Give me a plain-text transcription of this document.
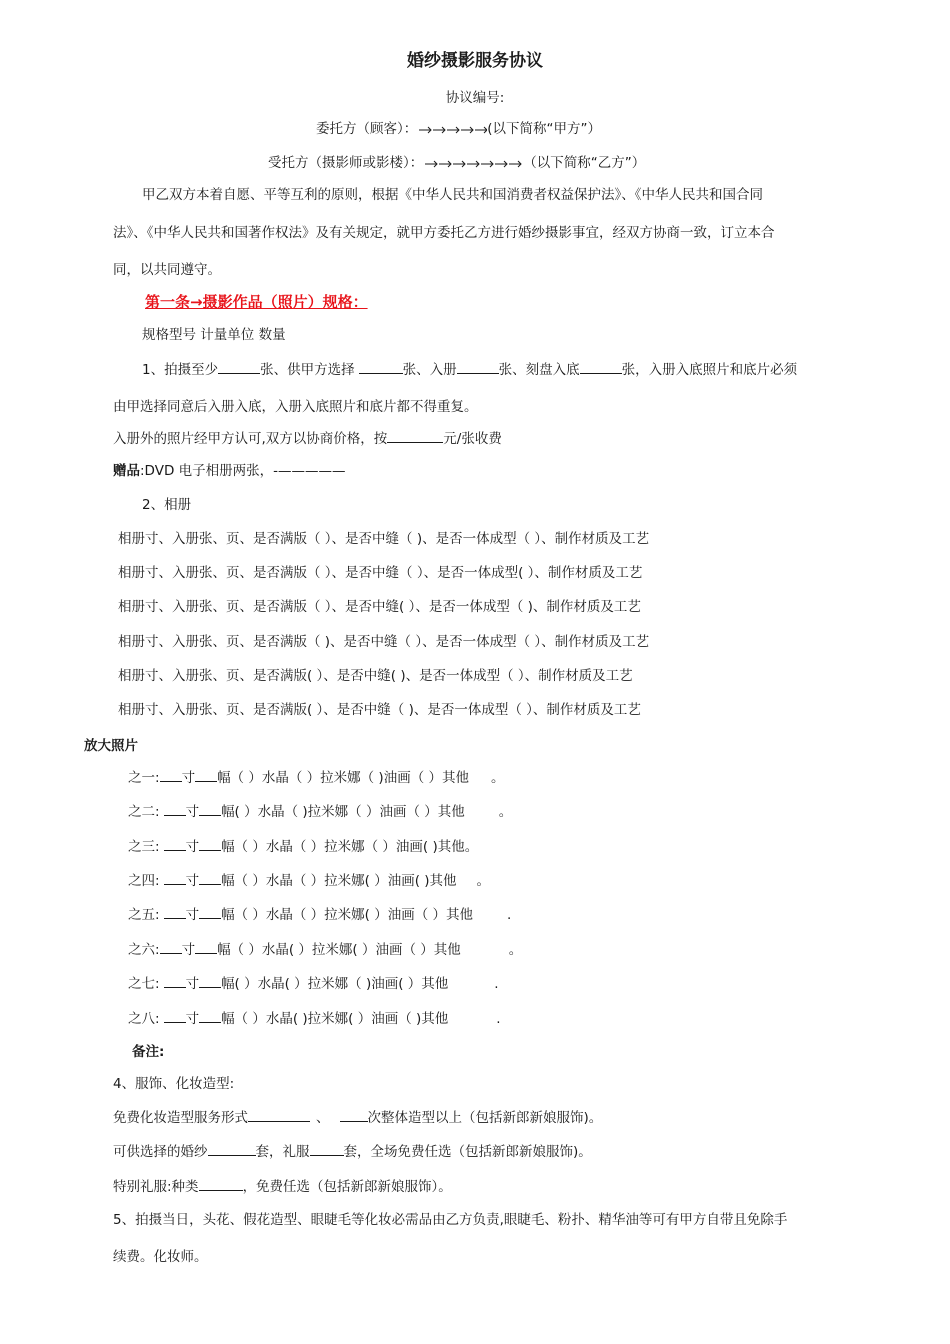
婚纱摄影服务协议
协议编号:
委托方（顾客）：	(以下简称“甲方”）
受托方（摄影师或影楼）：	（以下简称“乙方”）
甲乙双方本着自愿、平等互利的原则，根据《中华人民共和国消费者权益保护法》、《中华人民共和国合同
法》、《中华人民共和国著作权法》及有关规定，就甲方委托乙方进行婚纱摄影事宜，经双方协商一致，订立本合
同，以共同遵守。
第一条→摄影作品（照片）规格：
规格型号 计量单位 数量
1、拍摄至少	张、供甲方选择	张、入册	张、刻盘入底	张，入册入底照片和底片必须
由甲选择同意后入册入底，入册入底照片和底片都不得重复。
入册外的照片经甲方认可,双方以协商价格，按	元/张收费
赠品:DVD 电子相册两张，-—————
2、相册
相册寸、入册张、页、是否满版（ ）、是否中缝（ )、是否一体成型（ ）、制作材质及工艺
相册寸、入册张、页、是否满版（ ）、是否中缝（ ）、是否一体成型( ）、制作材质及工艺
相册寸、入册张、页、是否满版（ ）、是否中缝( ）、是否一体成型（ )、制作材质及工艺
相册寸、入册张、页、是否满版（ )、是否中缝（ ）、是否一体成型（ ）、制作材质及工艺
相册寸、入册张、页、是否满版( ）、是否中缝( )、是否一体成型（ ）、制作材质及工艺
相册寸、入册张、页、是否满版( ）、是否中缝（ )、是否一体成型（ ）、制作材质及工艺
放大照片
之一: 寸 幅（ ）水晶（ ）拉米娜（ )油画（ ）其他 。
之二: 寸 幅( ）水晶（ )拉米娜（ ）油画（ ）其他	。
之三: 寸 幅（ ）水晶（ ）拉米娜（ ）油画( )其他。
之四: 寸 幅（ ）水晶（ ）拉米娜( ）油画( )其他 。
之五: 寸 幅（ ）水晶（ ）拉米娜( ）油画（ ）其他	.
之六: 寸 幅（ ）水晶( ）拉米娜( ）油画（ ）其他	。
之七: 寸 幅( ）水晶( ）拉米娜（ )油画( ）其他	.
之八: 寸 幅（ ）水晶( )拉米娜( ）油画（ )其他	.
备注:
4、服饰、化妆造型:
免费化妆造型服务形式	、	次整体造型以上（包括新郎新娘服饰)。
可供选择的婚纱	套，礼服	套，全场免费任选（包括新郎新娘服饰)。
特别礼服:种类	，免费任选（包括新郎新娘服饰）。
5、拍摄当日，头花、假花造型、眼睫毛等化妆必需品由乙方负责,眼睫毛、粉扑、精华油等可有甲方自带且免除手
续费。化妆师。
